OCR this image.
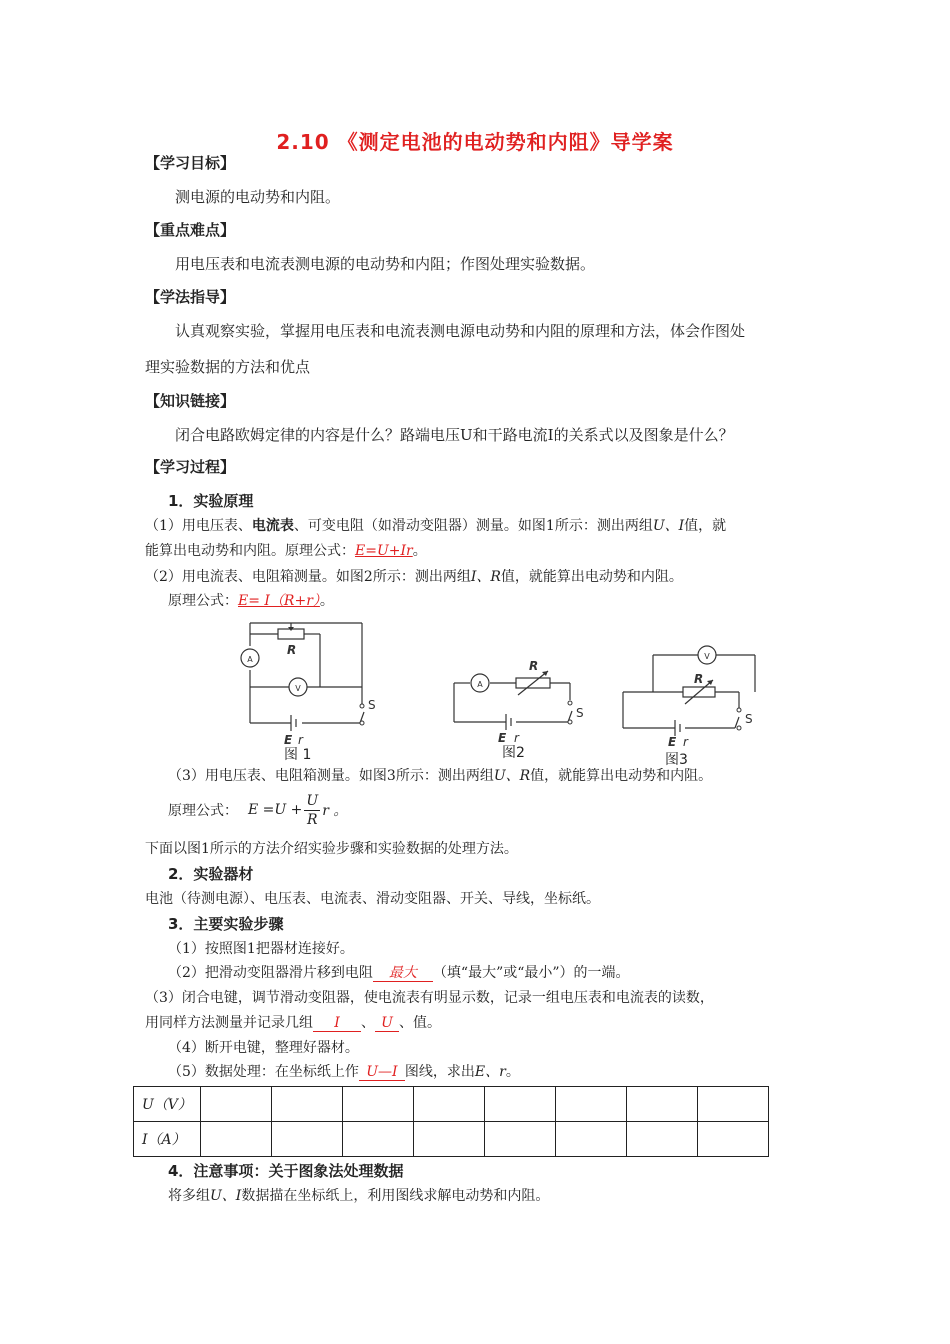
2.10 《测定电池的电动势和内阻》导学案
【学习目标】
测电源的电动势和内阻。
【重点难点】
用电压表和电流表测电源的电动势和内阻；作图处理实验数据。
【学法指导】
认真观察实验，掌握用电压表和电流表测电源电动势和内阻的原理和方法，体会作图处
理实验数据的方法和优点
【知识链接】
闭合电路欧姆定律的内容是什么？路端电压U和干路电流I的关系式以及图象是什么？
【学习过程】
1．实验原理
（1）用电压表、电流表、可变电阻（如滑动变阻器）测量。如图1所示：测出两组U、I值，就
能算出电动势和内阻。原理公式：E=U+Ir。
（2）用电流表、电阻箱测量。如图2所示：测出两组I、R值，就能算出电动势和内阻。
原理公式：E= I（R+r）。
A
V
R
E r
S
图 1
A
R
E r
S
图2
V
R
E r
S
图3
（3）用电压表、电阻箱测量。如图3所示：测出两组U、R值，就能算出电动势和内阻。
原理公式： $E =U + \frac{U}{R}$ r 。
下面以图1所示的方法介绍实验步骤和实验数据的处理方法。
2．实验器材
电池（待测电源）、电压表、电流表、滑动变阻器、开关、导线，坐标纸。
3．主要实验步骤
（1）按照图1把器材连接好。
（2）把滑动变阻器滑片移到电阻 最大 （填“最大”或“最小”）的一端。
（3）闭合电键，调节滑动变阻器，使电流表有明显示数，记录一组电压表和电流表的读数，
用同样方法测量并记录几组 I 、 U 、值。
（4）断开电键，整理好器材。
（5）数据处理：在坐标纸上作 U—I 图线，求出E、r。
U（V）								
I（A）								
4．注意事项：关于图象法处理数据
将多组U、I数据描在坐标纸上，利用图线求解电动势和内阻。
